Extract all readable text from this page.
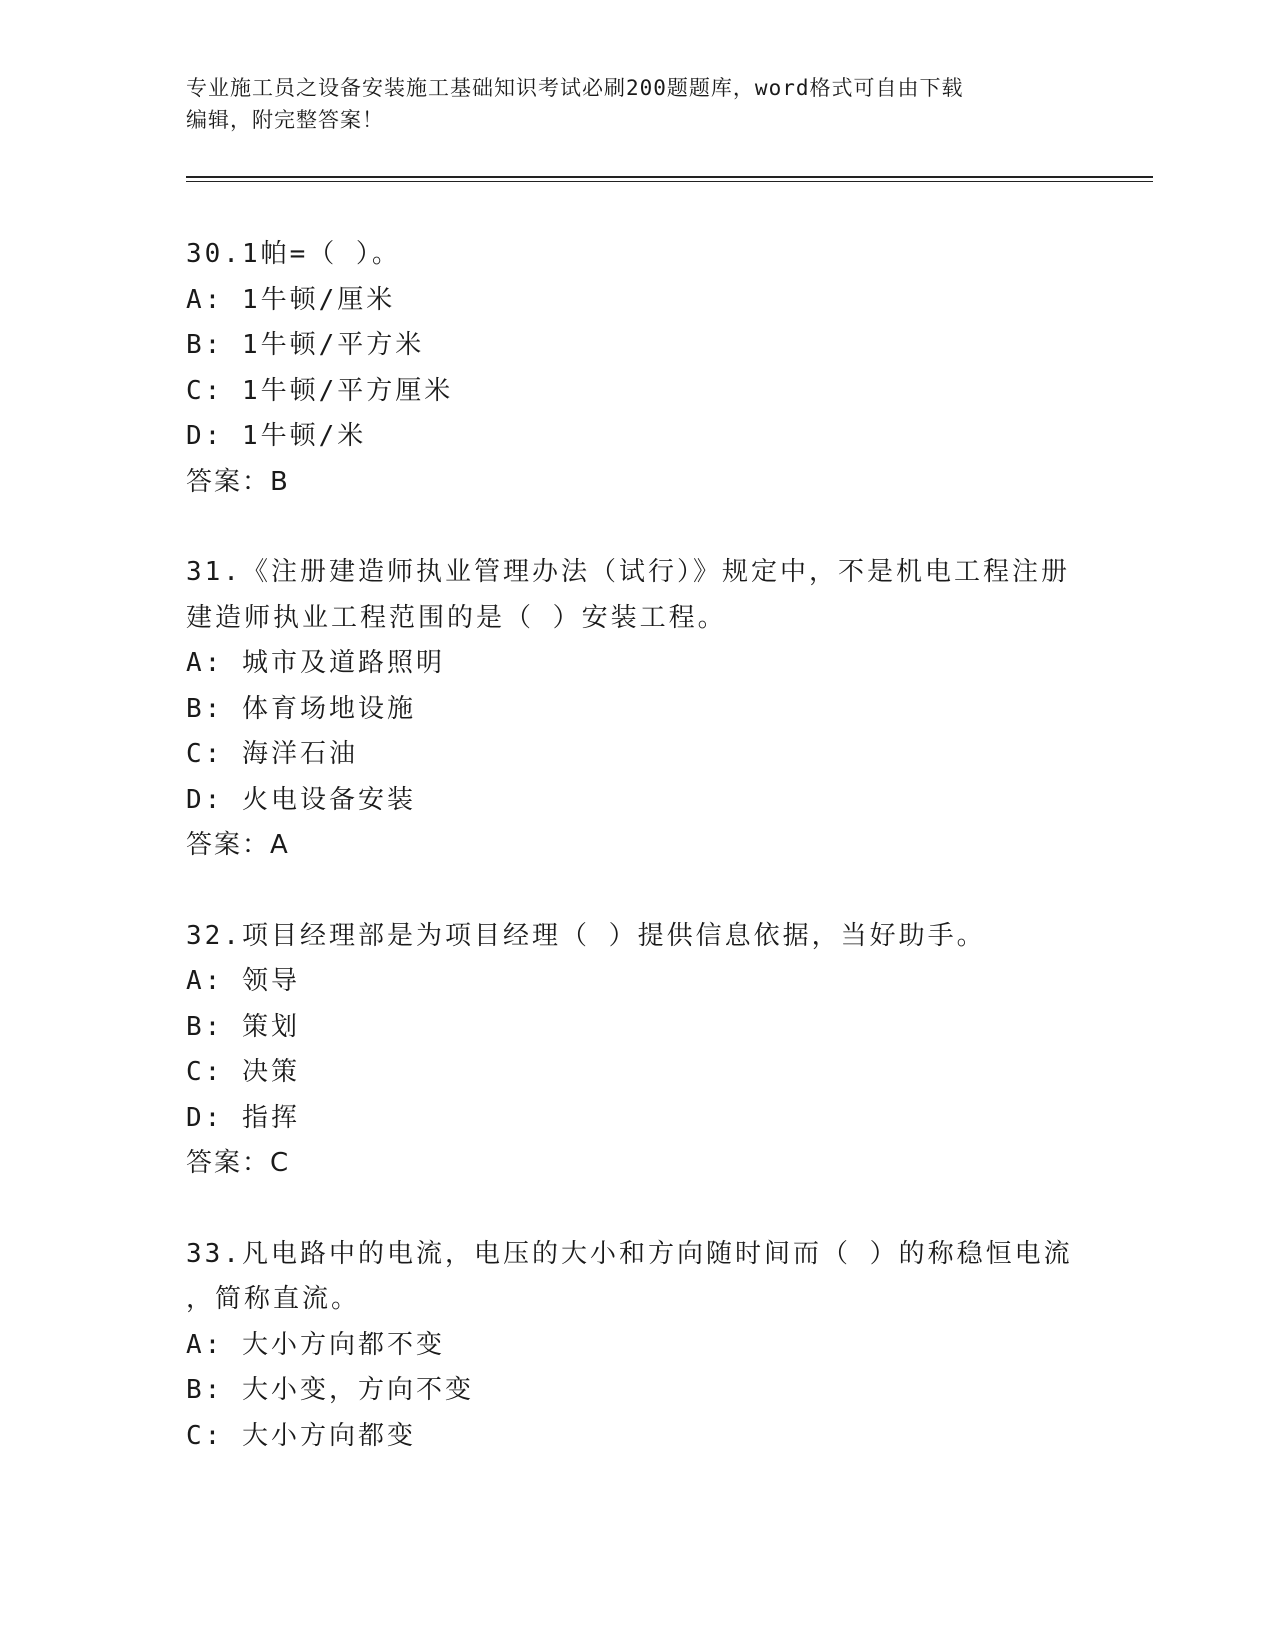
专业施工员之设备安装施工基础知识考试必刷200题题库，word格式可自由下载
编辑，附完整答案！
30.1帕=（ ）。
A: 1牛顿/厘米
B: 1牛顿/平方米
C: 1牛顿/平方厘米
D: 1牛顿/米
答案：B
31.《注册建造师执业管理办法（试行）》规定中，不是机电工程注册
建造师执业工程范围的是（ ）安装工程。
A: 城市及道路照明
B: 体育场地设施
C: 海洋石油
D: 火电设备安装
答案：A
32.项目经理部是为项目经理（ ）提供信息依据，当好助手。
A: 领导
B: 策划
C: 决策
D: 指挥
答案：C
33.凡电路中的电流，电压的大小和方向随时间而（ ）的称稳恒电流
，简称直流。
A: 大小方向都不变
B: 大小变，方向不变
C: 大小方向都变
